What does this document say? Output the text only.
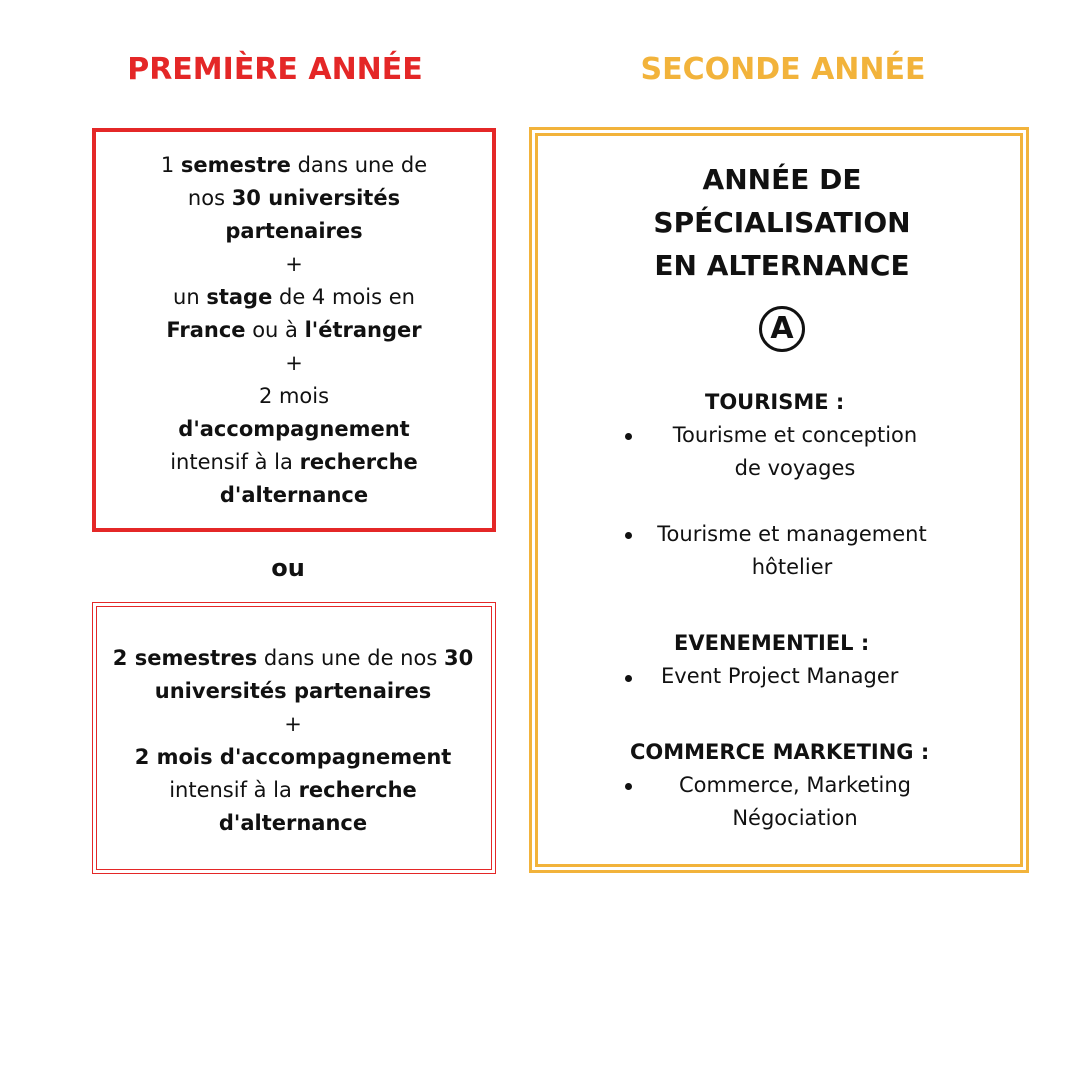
PREMIÈRE ANNÉE	SECONDE ANNÉE
1 semestre dans une de
nos 30 universités
partenaires
+
un stage de 4 mois en
France ou à l'étranger
+
2 mois
d'accompagnement
intensif à la recherche
d'alternance
ou
2 semestres dans une de nos 30
universités partenaires
+
2 mois d'accompagnement
intensif à la recherche
d'alternance
ANNÉE DE
SPÉCIALISATION
EN ALTERNANCE
A
TOURISME :
Tourisme et conception
de voyages
Tourisme et management
hôtelier
EVENEMENTIEL :
Event Project Manager
COMMERCE MARKETING :
Commerce, Marketing
Négociation
